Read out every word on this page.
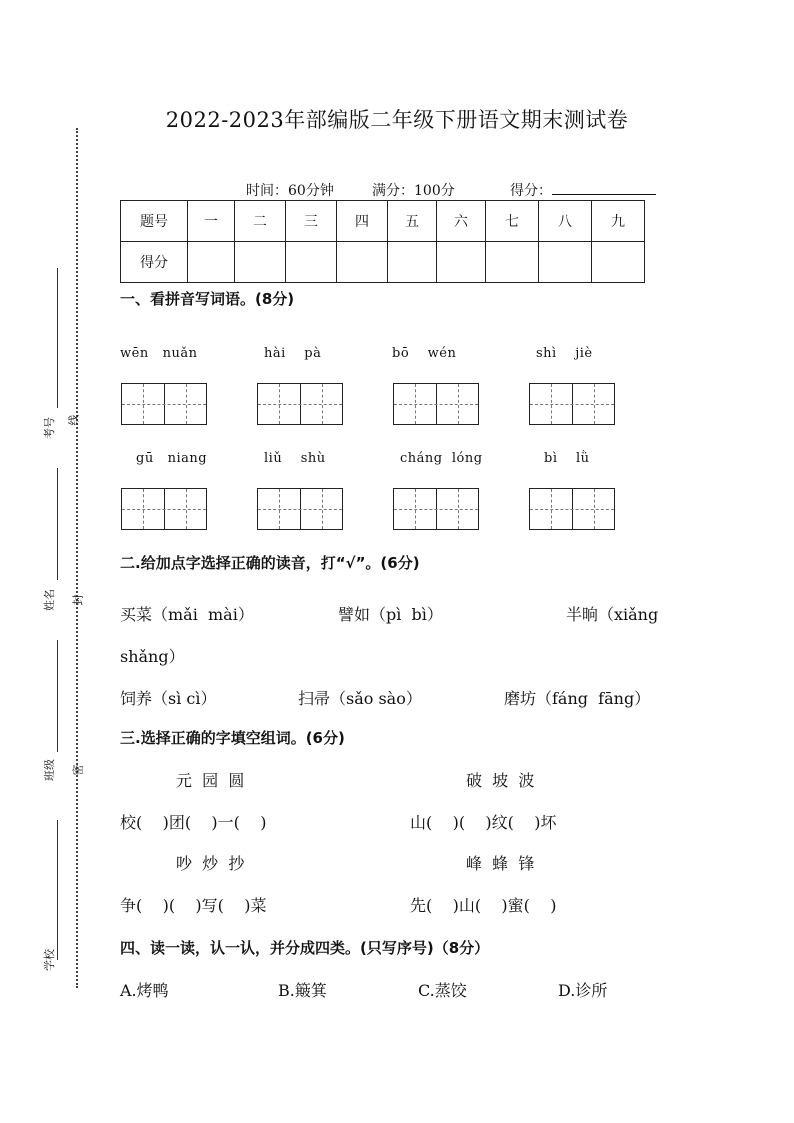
考号 线
姓名 封
班级 密
学校
2022-2023年部编版二年级下册语文期末测试卷
时间：60分钟	满分：100分	得分：
题号	一	二	三	四	五	六	七	八	九
得分									
一、看拼音写词语。(8分)
wēn   nuǎn	hài    pà	bō    wén	shì    jiè
gū   niang	liǔ    shù	cháng  lóng	bì    lǜ
二.给加点字选择正确的读音，打“√”。(6分)
买菜（mǎi  mài）	譬如（pì  bì）	半晌（xiǎng
shǎng）
饲养（sì cì）	扫帚（sǎo sào）	磨坊（fáng  fāng）
三.选择正确的字填空组词。(6分)
元  园  圆	破  坡  波
校(    )团(    )一(    )	山(    )(    )纹(    )坏
吵  炒  抄	峰  蜂  锋
争(    )(    )写(    )菜	先(    )山(    )蜜(    )
四、读一读，认一认，并分成四类。(只写序号)（8分）
A.烤鸭	B.簸箕	C.蒸饺	D.诊所
